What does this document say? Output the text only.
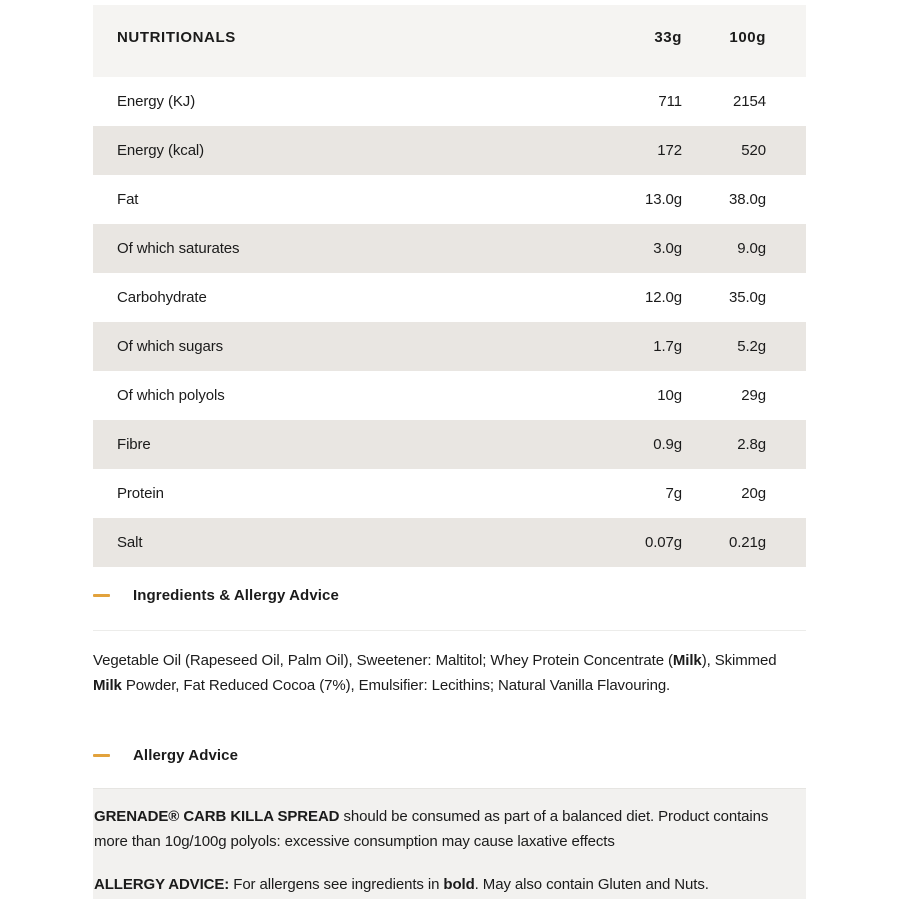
NUTRITIONALS	33g	100g
Energy (KJ)	711	2154
Energy (kcal)	172	520
Fat	13.0g	38.0g
Of which saturates	3.0g	9.0g
Carbohydrate	12.0g	35.0g
Of which sugars	1.7g	5.2g
Of which polyols	10g	29g
Fibre	0.9g	2.8g
Protein	7g	20g
Salt	0.07g	0.21g
Ingredients & Allergy Advice

Vegetable Oil (Rapeseed Oil, Palm Oil), Sweetener: Maltitol; Whey Protein Concentrate (Milk), Skimmed Milk Powder, Fat Reduced Cocoa (7%), Emulsifier: Lecithins; Natural Vanilla Flavouring.

Allergy Advice

GRENADE® CARB KILLA SPREAD should be consumed as part of a balanced diet. Product contains more than 10g/100g polyols: excessive consumption may cause laxative effects

ALLERGY ADVICE: For allergens see ingredients in bold. May also contain Gluten and Nuts.
